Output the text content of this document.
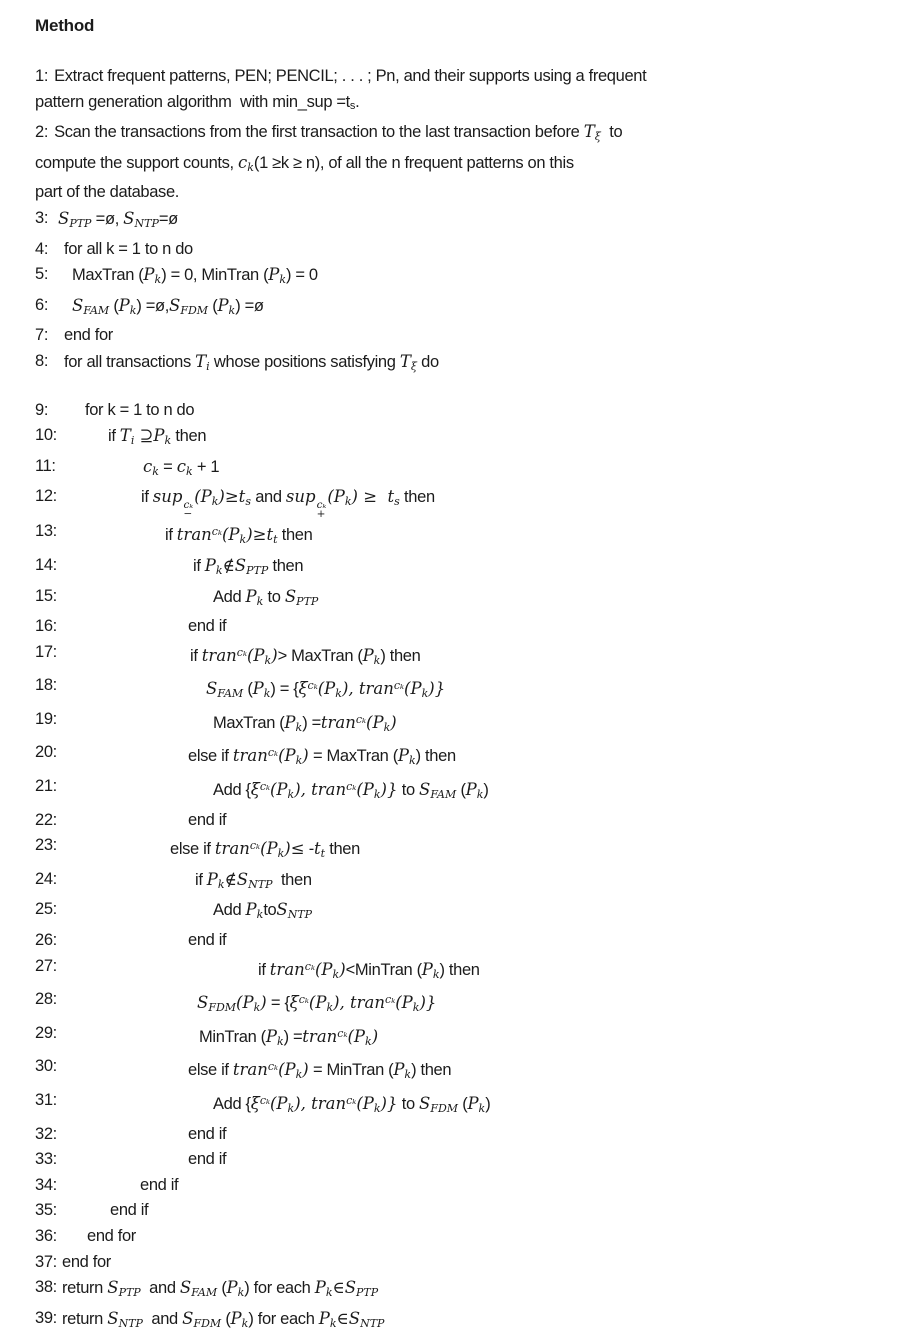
Method
1: Extract frequent patterns, PEN; PENCIL; . . . ; Pn, and their supports using a frequent
pattern generation algorithm  with min_sup =ts.
2: Scan the transactions from the first transaction to the last transaction before Tξ  to
compute the support counts, ck(1 ≥k ≥ n), of all the n frequent patterns on this
part of the database.
3: SPTP =ø, SNTP=ø
4: for all k = 1 to n do
5: MaxTran (Pk) = 0, MinTran (Pk) = 0
6: SFAM (Pk) =ø,SFDM (Pk) =ø
7: end for
8: for all transactions Ti whose positions satisfying Tξ do
9: for k = 1 to n do
10:	if Ti ⊇Pk then
11:	ck = ck + 1
12:	if sup cₖ
−
(Pk)≥ts and sup cₖ
+
(Pk) ≥  ts then
13:	if tran$^{c_k}$(Pk)≥tt then
14:	if Pk∉SPTP then
15:	Add Pk to SPTP
16:	end if
17:	if tran$^{c_k}$(Pk)> MaxTran (Pk) then
18:	SFAM $(Pk) = \{\xi^{c_k}(Pk)$, tran$^{c_k}$(Pk)}
19:	MaxTran (Pk) =tran$^{c_k}$(Pk)
20:	else if tran$^{c_k}$(Pk) = MaxTran (Pk) then
21:	Add {$\xi^{c_k}(Pk)$, tran$^{c_k}$(Pk)} to SFAM (Pk)
22:	end if
23:	else if tran$^{c_k}$(Pk)≤ -tt then
24:	if Pk∉SNTP  then
25:	Add PktoSNTP
26:	end if
27:	if tran$^{c_k}$(Pk)<MinTran (Pk) then
28:	SFDM(Pk) = {$\xi^{c_k}(Pk)$, tran$^{c_k}$(Pk)}
29:	MinTran (Pk) =tran$^{c_k}$(Pk)
30:	else if tran$^{c_k}$(Pk) = MinTran (Pk) then
31:	Add {$\xi^{c_k}(Pk)$, tran$^{c_k}$(Pk)} to SFDM (Pk)
32:	end if
33:	end if
34:	end if
35:	end if
36: end for
37: end for
38: return SPTP  and SFAM (Pk) for each Pk∈SPTP
39: return SNTP  and SFDM (Pk) for each Pk∈SNTP
